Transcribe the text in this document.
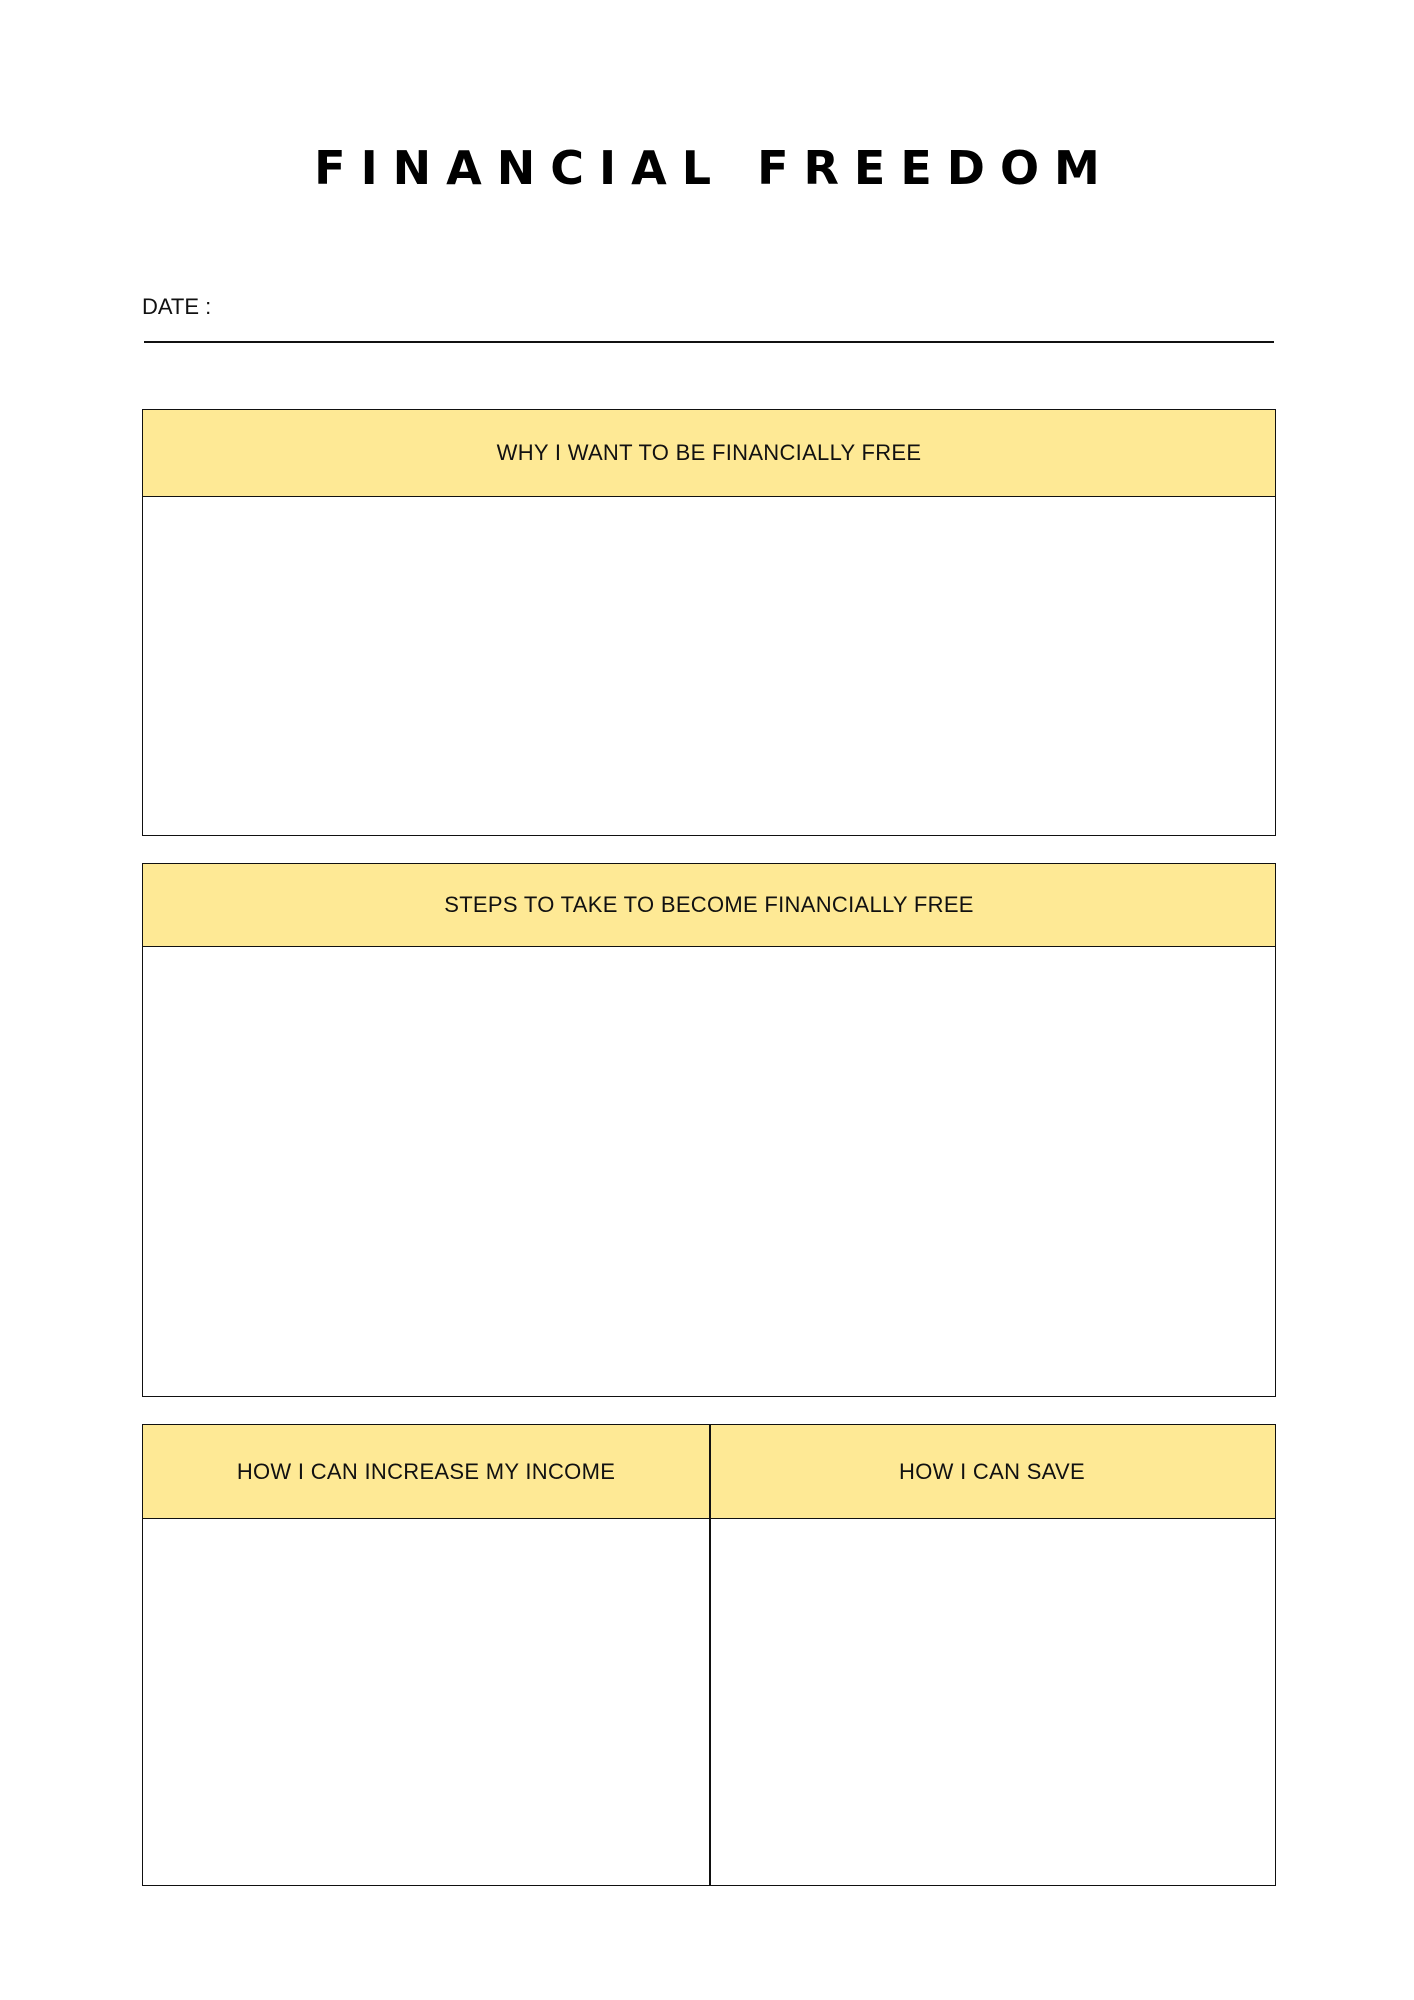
FINANCIAL FREEDOM
DATE :
WHY I WANT TO BE FINANCIALLY FREE
STEPS TO TAKE TO BECOME FINANCIALLY FREE
HOW I CAN INCREASE MY INCOME	HOW I CAN SAVE
